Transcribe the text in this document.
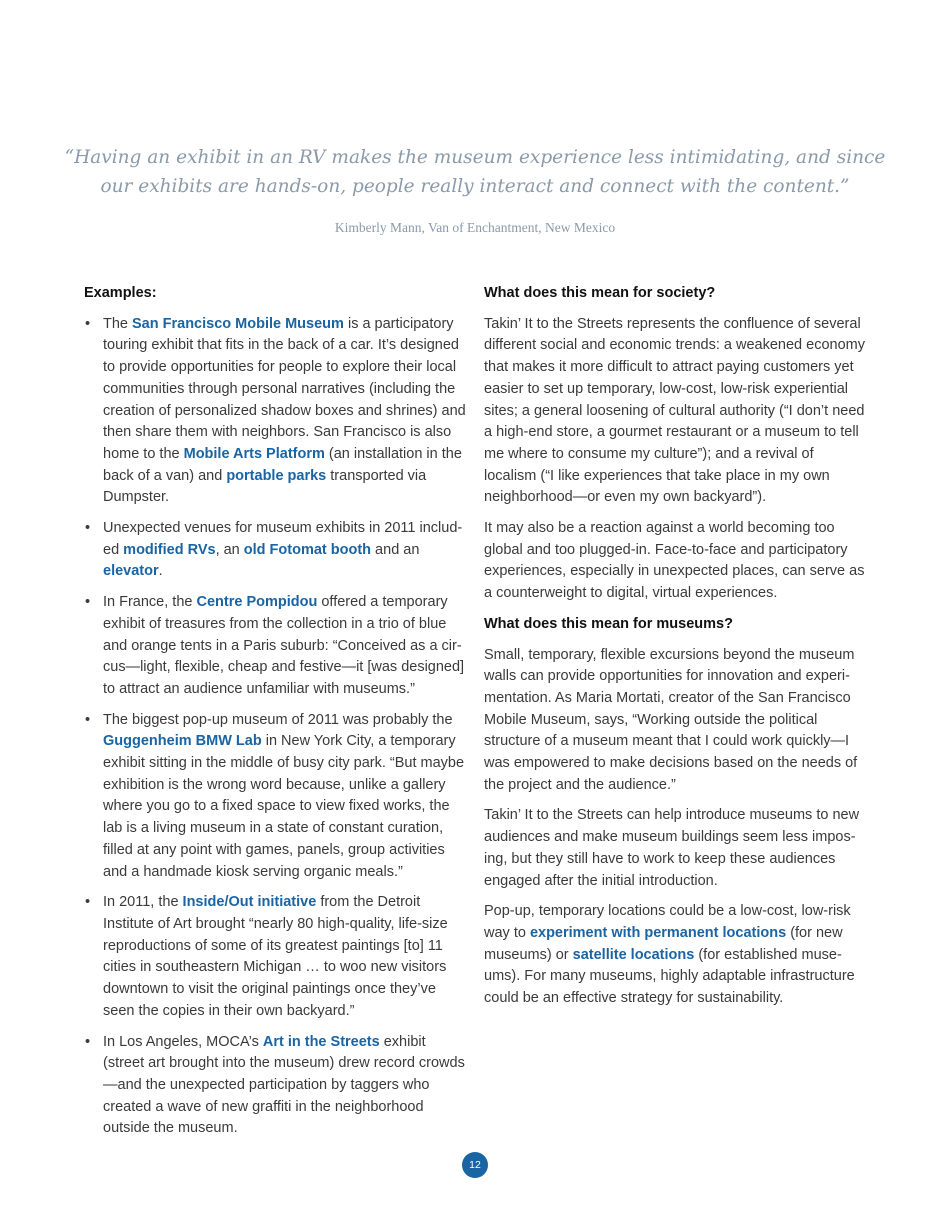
“Having an exhibit in an RV makes the museum experience less intimidating, and since our exhibits are hands-on, people really interact and connect with the content.”

Kimberly Mann, Van of Enchantment, New Mexico

Examples:
• The San Francisco Mobile Museum is a participatory touring exhibit that fits in the back of a car. It’s designed to provide opportunities for people to explore their local communities through personal narratives (including the creation of personalized shadow boxes and shrines) and then share them with neighbors. San Francisco is also home to the Mobile Arts Platform (an installation in the back of a van) and portable parks transported via Dumpster.
• Unexpected venues for museum exhibits in 2011 included modified RVs, an old Fotomat booth and an elevator.
• In France, the Centre Pompidou offered a temporary exhibit of treasures from the collection in a trio of blue and orange tents in a Paris suburb: “Conceived as a circus—light, flexible, cheap and festive—it [was designed] to attract an audience unfamiliar with museums.”
• The biggest pop-up museum of 2011 was probably the Guggenheim BMW Lab in New York City, a temporary exhibit sitting in the middle of busy city park. “But maybe exhibition is the wrong word because, unlike a gallery where you go to a fixed space to view fixed works, the lab is a living museum in a state of constant curation, filled at any point with games, panels, group activities and a handmade kiosk serving organic meals.”
• In 2011, the Inside/Out initiative from the Detroit Institute of Art brought “nearly 80 high-quality, life-size reproductions of some of its greatest paintings [to] 11 cities in southeastern Michigan … to woo new visitors downtown to visit the original paintings once they’ve seen the copies in their own backyard.”
• In Los Angeles, MOCA’s Art in the Streets exhibit (street art brought into the museum) drew record crowds—and the unexpected participation by taggers who created a wave of new graffiti in the neighborhood outside the museum.
What does this mean for society?

Takin’ It to the Streets represents the confluence of several different social and economic trends: a weakened economy that makes it more difficult to attract paying customers yet easier to set up temporary, low-cost, low-risk experiential sites; a general loosening of cultural authority (“I don’t need a high-end store, a gourmet restaurant or a museum to tell me where to consume my culture”); and a revival of localism (“I like experiences that take place in my own neighborhood—or even my own backyard”).

It may also be a reaction against a world becoming too global and too plugged-in. Face-to-face and participatory experiences, especially in unexpected places, can serve as a counterweight to digital, virtual experiences.

What does this mean for museums?

Small, temporary, flexible excursions beyond the museum walls can provide opportunities for innovation and experimentation. As Maria Mortati, creator of the San Francisco Mobile Museum, says, “Working outside the political structure of a museum meant that I could work quickly—I was empowered to make decisions based on the needs of the project and the audience.”

Takin’ It to the Streets can help introduce museums to new audiences and make museum buildings seem less imposing, but they still have to work to keep these audiences engaged after the initial introduction.

Pop-up, temporary locations could be a low-cost, low-risk way to experiment with permanent locations (for new museums) or satellite locations (for established museums). For many museums, highly adaptable infrastructure could be an effective strategy for sustainability.

12
